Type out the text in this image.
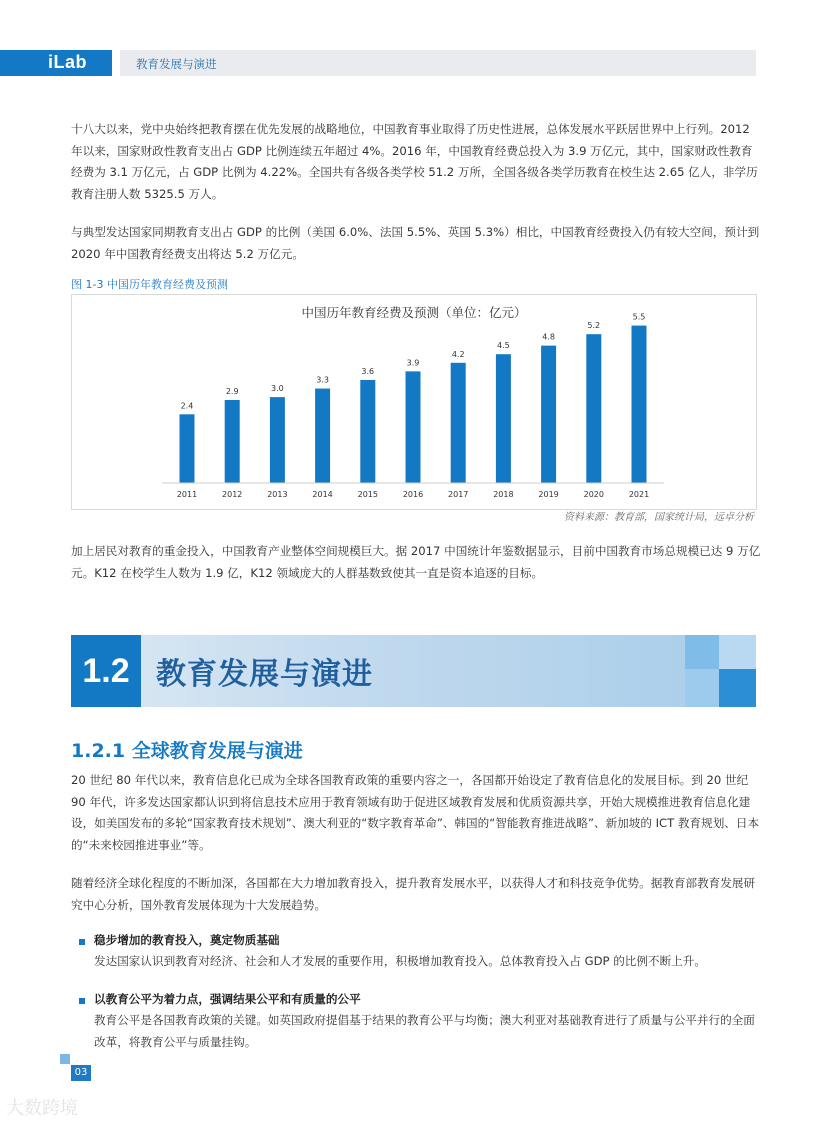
iLab	教育发展与演进

十八大以来，党中央始终把教育摆在优先发展的战略地位，中国教育事业取得了历史性进展，总体发展水平跃居世界中上行列。2012 年以来，国家财政性教育支出占 GDP 比例连续五年超过 4%。2016 年，中国教育经费总投入为 3.9 万亿元，其中，国家财政性教育经费为 3.1 万亿元，占 GDP 比例为 4.22%。全国共有各级各类学校 51.2 万所，全国各级各类学历教育在校生达 2.65 亿人，非学历教育注册人数 5325.5 万人。

与典型发达国家同期教育支出占 GDP 的比例（美国 6.0%、法国 5.5%、英国 5.3%）相比，中国教育经费投入仍有较大空间，预计到 2020 年中国教育经费支出将达 5.2 万亿元。

图 1-3 中国历年教育经费及预测
中国历年教育经费及预测（单位：亿元）
2.4
2011
2.9
2012
3.0
2013
3.3
2014
3.6
2015
3.9
2016
4.2
2017
4.5
2018
4.8
2019
5.2
2020
5.5
2021
资料来源：教育部，国家统计局，远卓分析

加上居民对教育的重金投入，中国教育产业整体空间规模巨大。据 2017 中国统计年鉴数据显示，目前中国教育市场总规模已达 9 万亿元。K12 在校学生人数为 1.9 亿，K12 领域庞大的人群基数致使其一直是资本追逐的目标。

1.2 教育发展与演进
1.2.1 全球教育发展与演进

20 世纪 80 年代以来，教育信息化已成为全球各国教育政策的重要内容之一，各国都开始设定了教育信息化的发展目标。到 20 世纪 90 年代，许多发达国家都认识到将信息技术应用于教育领域有助于促进区域教育发展和优质资源共享，开始大规模推进教育信息化建设，如美国发布的多轮“国家教育技术规划”、澳大利亚的“数字教育革命”、韩国的“智能教育推进战略”、新加坡的 ICT 教育规划、日本的“未来校园推进事业”等。

随着经济全球化程度的不断加深，各国都在大力增加教育投入，提升教育发展水平，以获得人才和科技竞争优势。据教育部教育发展研究中心分析，国外教育发展体现为十大发展趋势。

稳步增加的教育投入，奠定物质基础

发达国家认识到教育对经济、社会和人才发展的重要作用，积极增加教育投入。总体教育投入占 GDP 的比例不断上升。

以教育公平为着力点，强调结果公平和有质量的公平

教育公平是各国教育政策的关键。如英国政府提倡基于结果的教育公平与均衡；澳大利亚对基础教育进行了质量与公平并行的全面改革，将教育公平与质量挂钩。

03
大数跨境
